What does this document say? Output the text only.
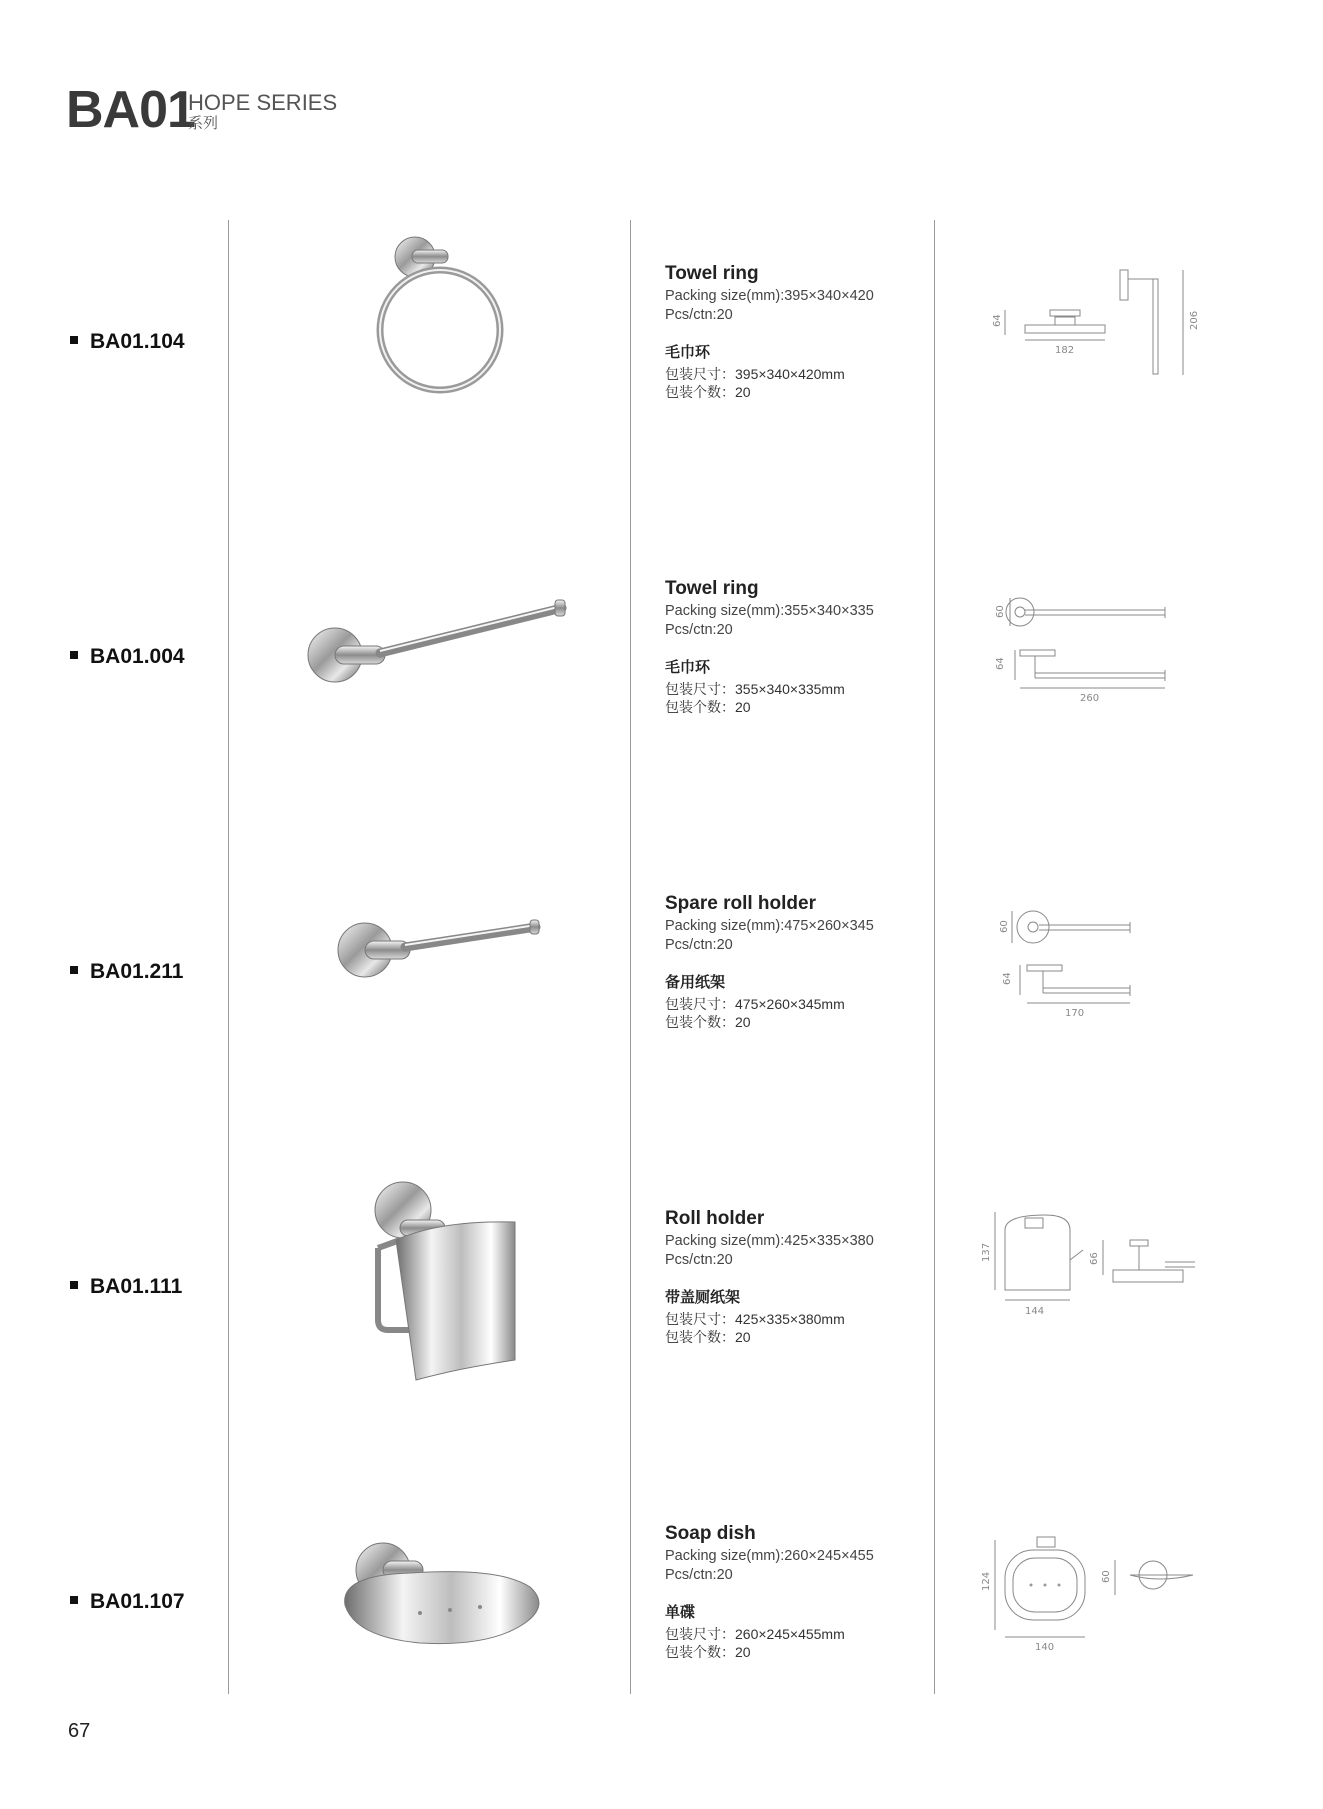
BA01
HOPE SERIES
系列
BA01.104
Towel ring
Packing size(mm):395×340×420
Pcs/ctn:20
毛巾环
包装尺寸：395×340×420mm
包装个数：20
64
182
206
BA01.004
Towel ring
Packing size(mm):355×340×335
Pcs/ctn:20
毛巾环
包装尺寸：355×340×335mm
包装个数：20
60
64
260
BA01.211
Spare roll holder
Packing size(mm):475×260×345
Pcs/ctn:20
备用纸架
包装尺寸：475×260×345mm
包装个数：20
60
64
170
BA01.111
Roll holder
Packing size(mm):425×335×380
Pcs/ctn:20
带盖厕纸架
包装尺寸：425×335×380mm
包装个数：20
137
144
66
BA01.107
Soap dish
Packing size(mm):260×245×455
Pcs/ctn:20
单碟
包装尺寸：260×245×455mm
包装个数：20
124
140
60
67
